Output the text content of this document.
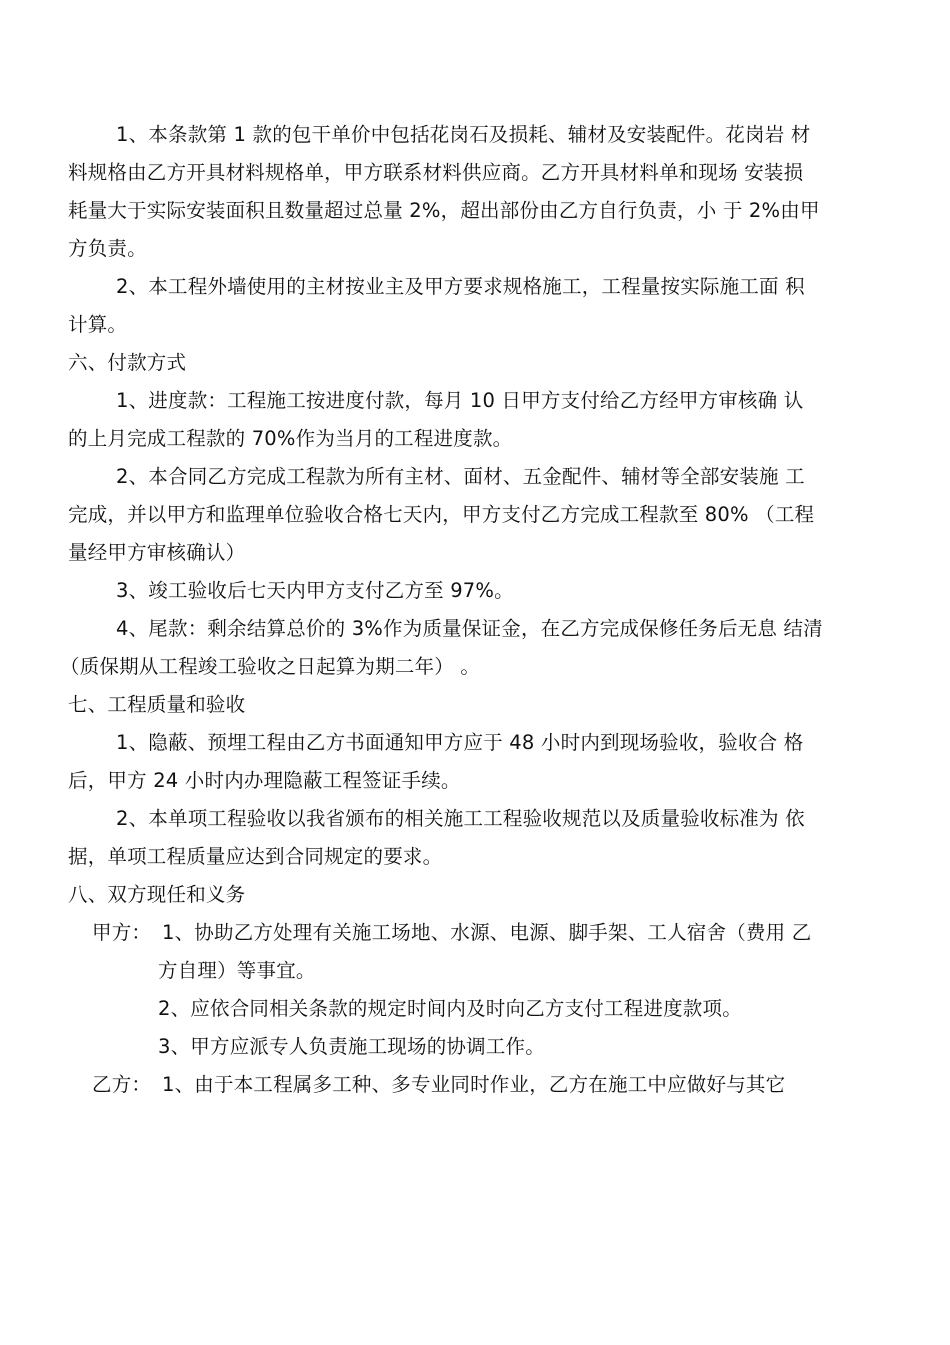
1、本条款第 1 款的包干单价中包括花岗石及损耗、辅材及安装配件。花岗岩 材
料规格由乙方开具材料规格单，甲方联系材料供应商。乙方开具材料单和现场 安装损
耗量大于实际安装面积且数量超过总量 2%，超出部份由乙方自行负责，小 于 2%由甲
方负责。
2、本工程外墙使用的主材按业主及甲方要求规格施工，工程量按实际施工面 积
计算。
六、付款方式
1、进度款：工程施工按进度付款，每月 10 日甲方支付给乙方经甲方审核确 认
的上月完成工程款的 70%作为当月的工程进度款。
2、本合同乙方完成工程款为所有主材、面材、五金配件、辅材等全部安装施 工
完成，并以甲方和监理单位验收合格七天内，甲方支付乙方完成工程款至 80% （工程
量经甲方审核确认）
3、竣工验收后七天内甲方支付乙方至 97%。
4、尾款：剩余结算总价的 3%作为质量保证金，在乙方完成保修任务后无息 结清
（质保期从工程竣工验收之日起算为期二年） 。
七、工程质量和验收
1、隐蔽、预埋工程由乙方书面通知甲方应于 48 小时内到现场验收，验收合 格
后，甲方 24 小时内办理隐蔽工程签证手续。
2、本单项工程验收以我省颁布的相关施工工程验收规范以及质量验收标准为 依
据，单项工程质量应达到合同规定的要求。
八、双方现任和义务
甲方： 1、协助乙方处理有关施工场地、水源、电源、脚手架、工人宿舍（费用 乙
方自理）等事宜。
2、应依合同相关条款的规定时间内及时向乙方支付工程进度款项。
3、甲方应派专人负责施工现场的协调工作。
乙方： 1、由于本工程属多工种、多专业同时作业，乙方在施工中应做好与其它
